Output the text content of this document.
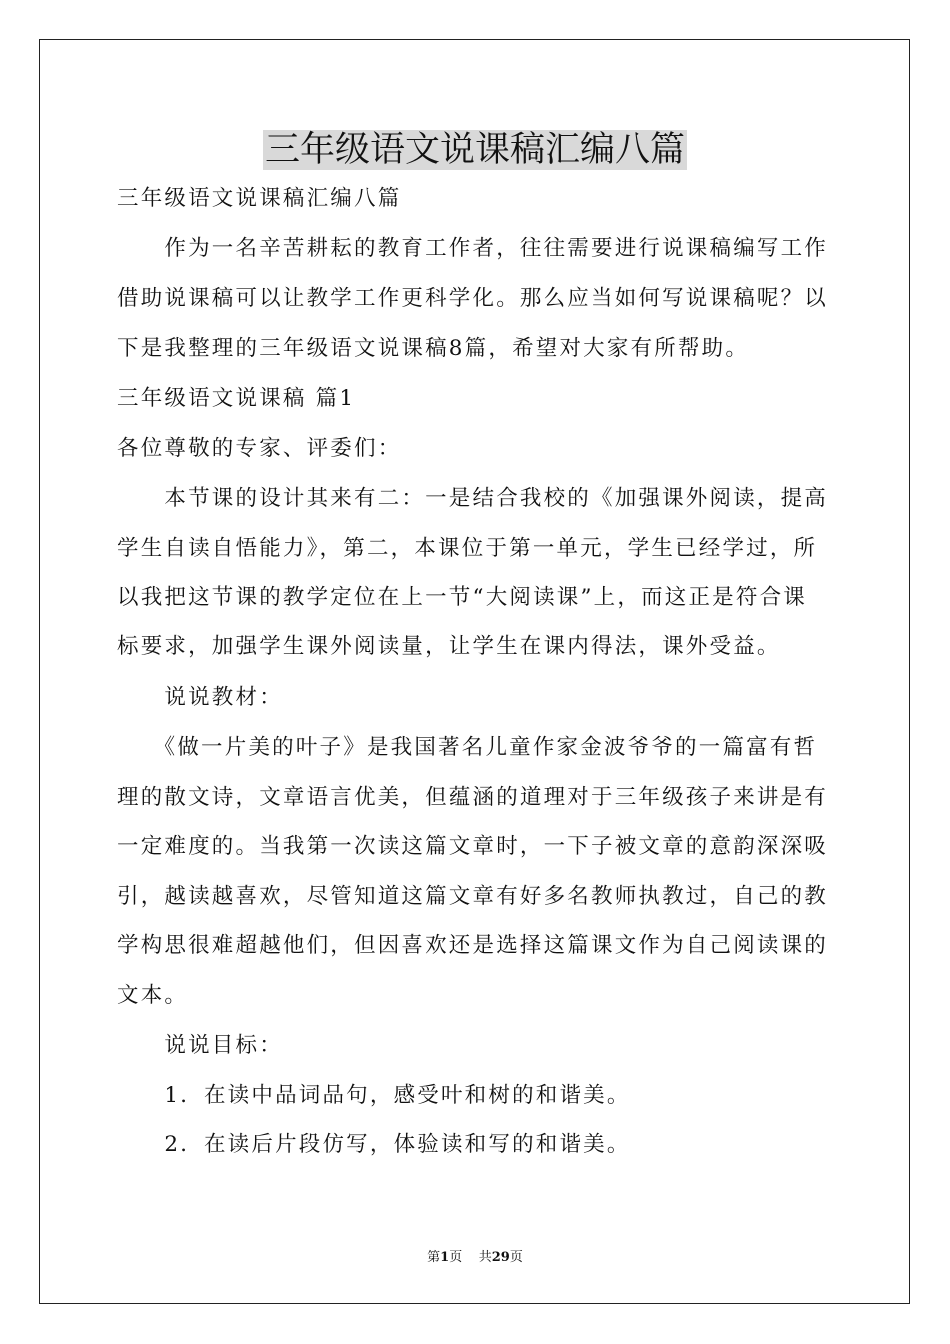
三年级语文说课稿汇编八篇

三年级语文说课稿汇编八篇

　　作为一名辛苦耕耘的教育工作者，往往需要进行说课稿编写工作

借助说课稿可以让教学工作更科学化。那么应当如何写说课稿呢？以

下是我整理的三年级语文说课稿8篇，希望对大家有所帮助。

三年级语文说课稿 篇1

各位尊敬的专家、评委们：

　　本节课的设计其来有二：一是结合我校的《加强课外阅读，提高

学生自读自悟能力》，第二，本课位于第一单元，学生已经学过，所

以我把这节课的教学定位在上一节“大阅读课”上，而这正是符合课

标要求，加强学生课外阅读量，让学生在课内得法，课外受益。

　　说说教材：

　　《做一片美的叶子》是我国著名儿童作家金波爷爷的一篇富有哲

理的散文诗，文章语言优美，但蕴涵的道理对于三年级孩子来讲是有

一定难度的。当我第一次读这篇文章时，一下子被文章的意韵深深吸

引，越读越喜欢，尽管知道这篇文章有好多名教师执教过，自己的教

学构思很难超越他们，但因喜欢还是选择这篇课文作为自己阅读课的

文本。

　　说说目标：

　　1．在读中品词品句，感受叶和树的和谐美。

　　2．在读后片段仿写，体验读和写的和谐美。

第1页 共29页
